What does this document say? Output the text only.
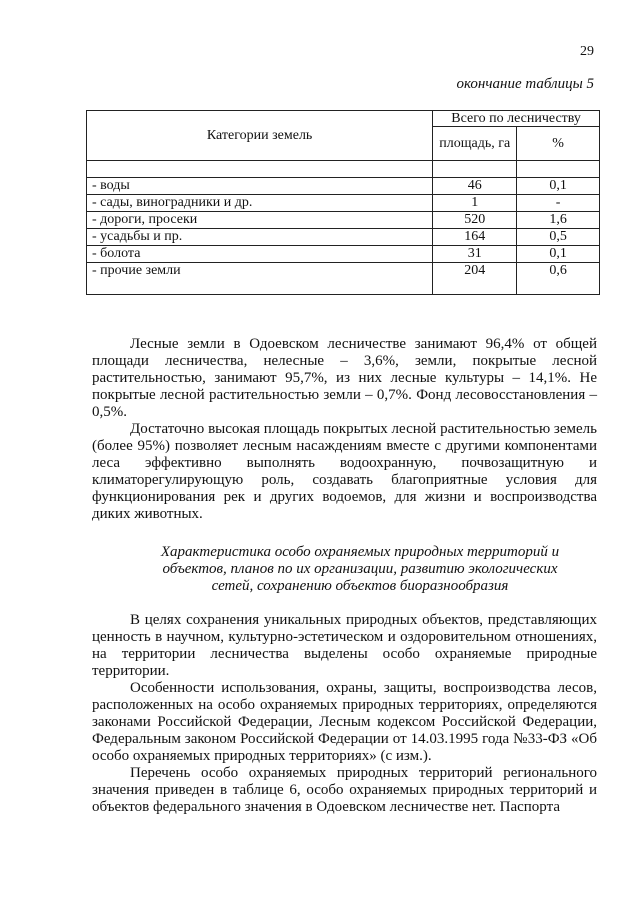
29
окончание таблицы 5
Категории земель	Всего по лесничеству	
	площадь, га	%

- воды	46	0,1
- сады, виноградники и др.	1	-
- дороги, просеки	520	1,6
- усадьбы и пр.	164	0,5
- болота	31	0,1
- прочие земли	204	0,6

Лесные земли в Одоевском лесничестве занимают 96,4% от общей площади лесничества, нелесные – 3,6%, земли, покрытые лесной растительностью, занимают 95,7%, из них лесные культуры – 14,1%. Не покрытые лесной растительностью земли – 0,7%. Фонд лесовосстановления – 0,5%.

Достаточно высокая площадь покрытых лесной растительностью земель (более 95%) позволяет лесным насаждениям вместе с другими компонентами леса эффективно выполнять водоохранную, почвозащитную и климаторегулирующую роль, создавать благоприятные условия для функционирования рек и других водоемов, для жизни и воспроизводства диких животных.

Характеристика особо охраняемых природных территорий и объектов, планов по их организации, развитию экологических сетей, сохранению объектов биоразнообразия

В целях сохранения уникальных природных объектов, представляющих ценность в научном, культурно-эстетическом и оздоровительном отношениях, на территории лесничества выделены особо охраняемые природные территории.

Особенности использования, охраны, защиты, воспроизводства лесов, расположенных на особо охраняемых природных территориях, определяются законами Российской Федерации, Лесным кодексом Российской Федерации, Федеральным законом Российской Федерации от 14.03.1995 года №33-ФЗ «Об особо охраняемых природных территориях» (с изм.).

Перечень особо охраняемых природных территорий регионального значения приведен в таблице 6, особо охраняемых природных территорий и объектов федерального значения в Одоевском лесничестве нет. Паспорта
